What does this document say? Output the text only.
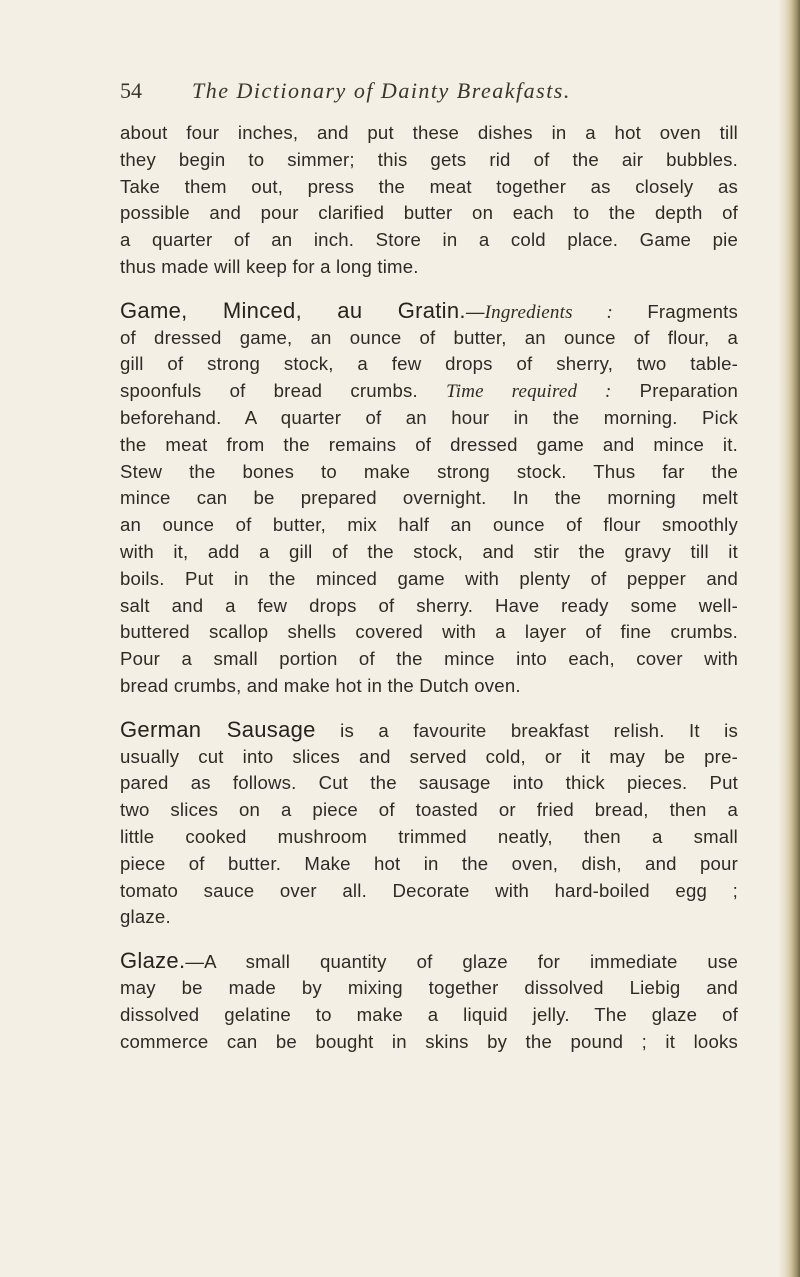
54 The Dictionary of Dainty Breakfasts.
about four inches, and put these dishes in a hot oven till
they begin to simmer; this gets rid of the air bubbles.
Take them out, press the meat together as closely as
possible and pour clarified butter on each to the depth of
a quarter of an inch. Store in a cold place. Game pie
thus made will keep for a long time.
Game, Minced, au Gratin.—Ingredients : Fragments
of dressed game, an ounce of butter, an ounce of flour, a
gill of strong stock, a few drops of sherry, two table-
spoonfuls of bread crumbs. Time required : Preparation
beforehand. A quarter of an hour in the morning. Pick
the meat from the remains of dressed game and mince it.
Stew the bones to make strong stock. Thus far the
mince can be prepared overnight. In the morning melt
an ounce of butter, mix half an ounce of flour smoothly
with it, add a gill of the stock, and stir the gravy till it
boils. Put in the minced game with plenty of pepper and
salt and a few drops of sherry. Have ready some well-
buttered scallop shells covered with a layer of fine crumbs.
Pour a small portion of the mince into each, cover with
bread crumbs, and make hot in the Dutch oven.
German Sausage is a favourite breakfast relish. It is
usually cut into slices and served cold, or it may be pre-
pared as follows. Cut the sausage into thick pieces. Put
two slices on a piece of toasted or fried bread, then a
little cooked mushroom trimmed neatly, then a small
piece of butter. Make hot in the oven, dish, and pour
tomato sauce over all. Decorate with hard-boiled egg ;
glaze.
Glaze.—A small quantity of glaze for immediate use
may be made by mixing together dissolved Liebig and
dissolved gelatine to make a liquid jelly. The glaze of
commerce can be bought in skins by the pound ; it looks
